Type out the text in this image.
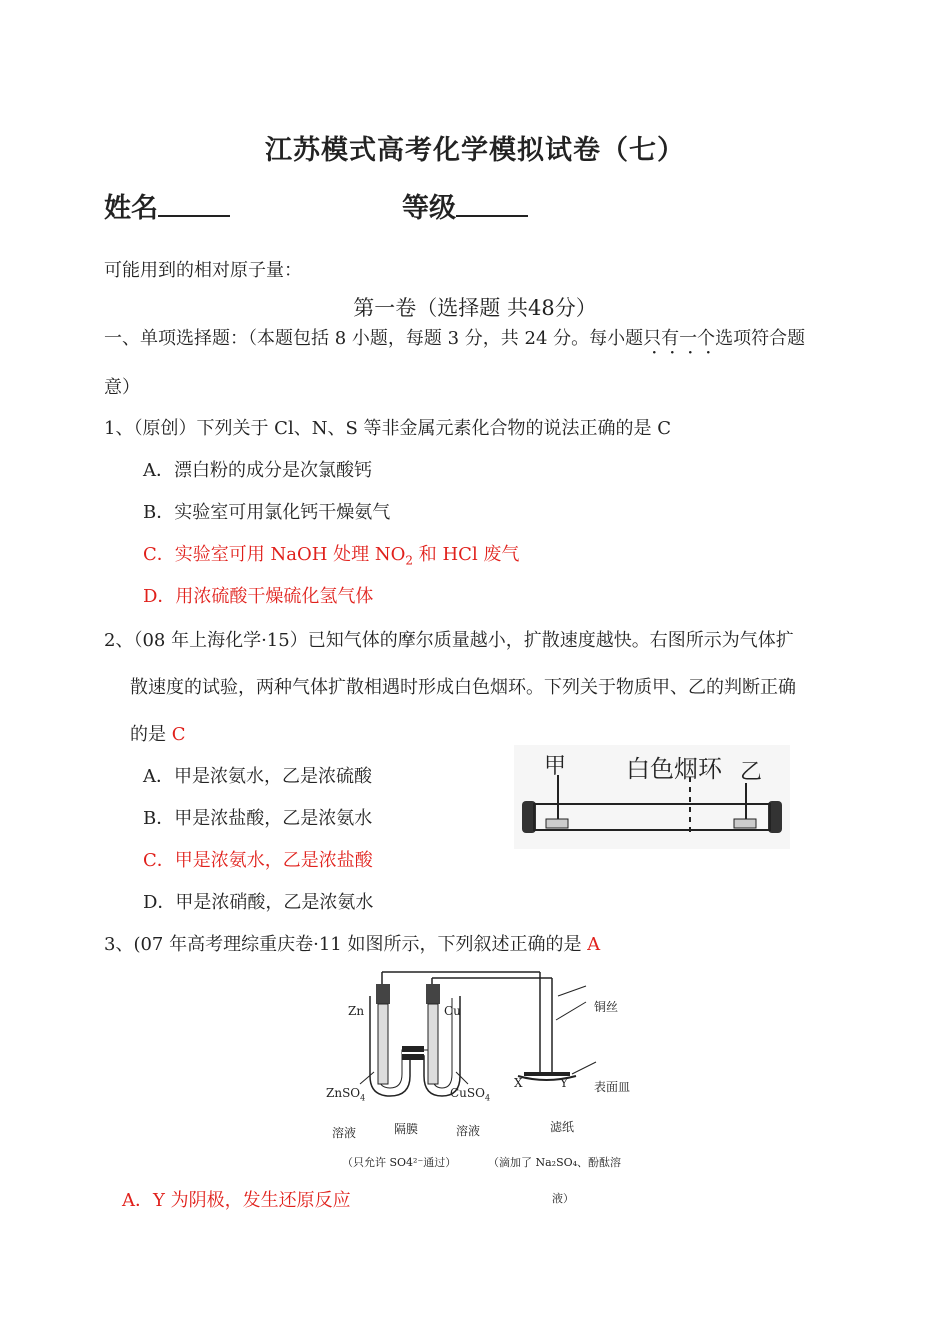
江苏模式高考化学模拟试卷（七）
姓名	等级
可能用到的相对原子量：
第一卷（选择题 共48分）
一、单项选择题：（本题包括 8 小题，每题 3 分，共 24 分。每小题只有一个选项符合题
意）
1、（原创）下列关于 Cl、N、S 等非金属元素化合物的说法正确的是 C
A．漂白粉的成分是次氯酸钙
B．实验室可用氯化钙干燥氨气
C．实验室可用 NaOH 处理 $NO_2$ 和 HCl 废气
D．用浓硫酸干燥硫化氢气体
2、（08 年上海化学·15）已知气体的摩尔质量越小，扩散速度越快。右图所示为气体扩
散速度的试验，两种气体扩散相遇时形成白色烟环。下列关于物质甲、乙的判断正确
的是 C
A．甲是浓氨水，乙是浓硫酸
B．甲是浓盐酸，乙是浓氨水
C．甲是浓氨水，乙是浓盐酸
D．甲是浓硝酸，乙是浓氨水
甲 白色烟环 乙
3、(07 年高考理综重庆卷·11 如图所示，下列叙述正确的是 A
Zn	Cu	铜丝
X	Y 表面皿
ZnSO$_4$	CuSO$_4$
溶液	隔膜	溶液	滤纸
（只允许 SO4²⁻通过）	（滴加了 Na₂SO₄、酚酞溶
液）
A．Y 为阴极，发生还原反应
